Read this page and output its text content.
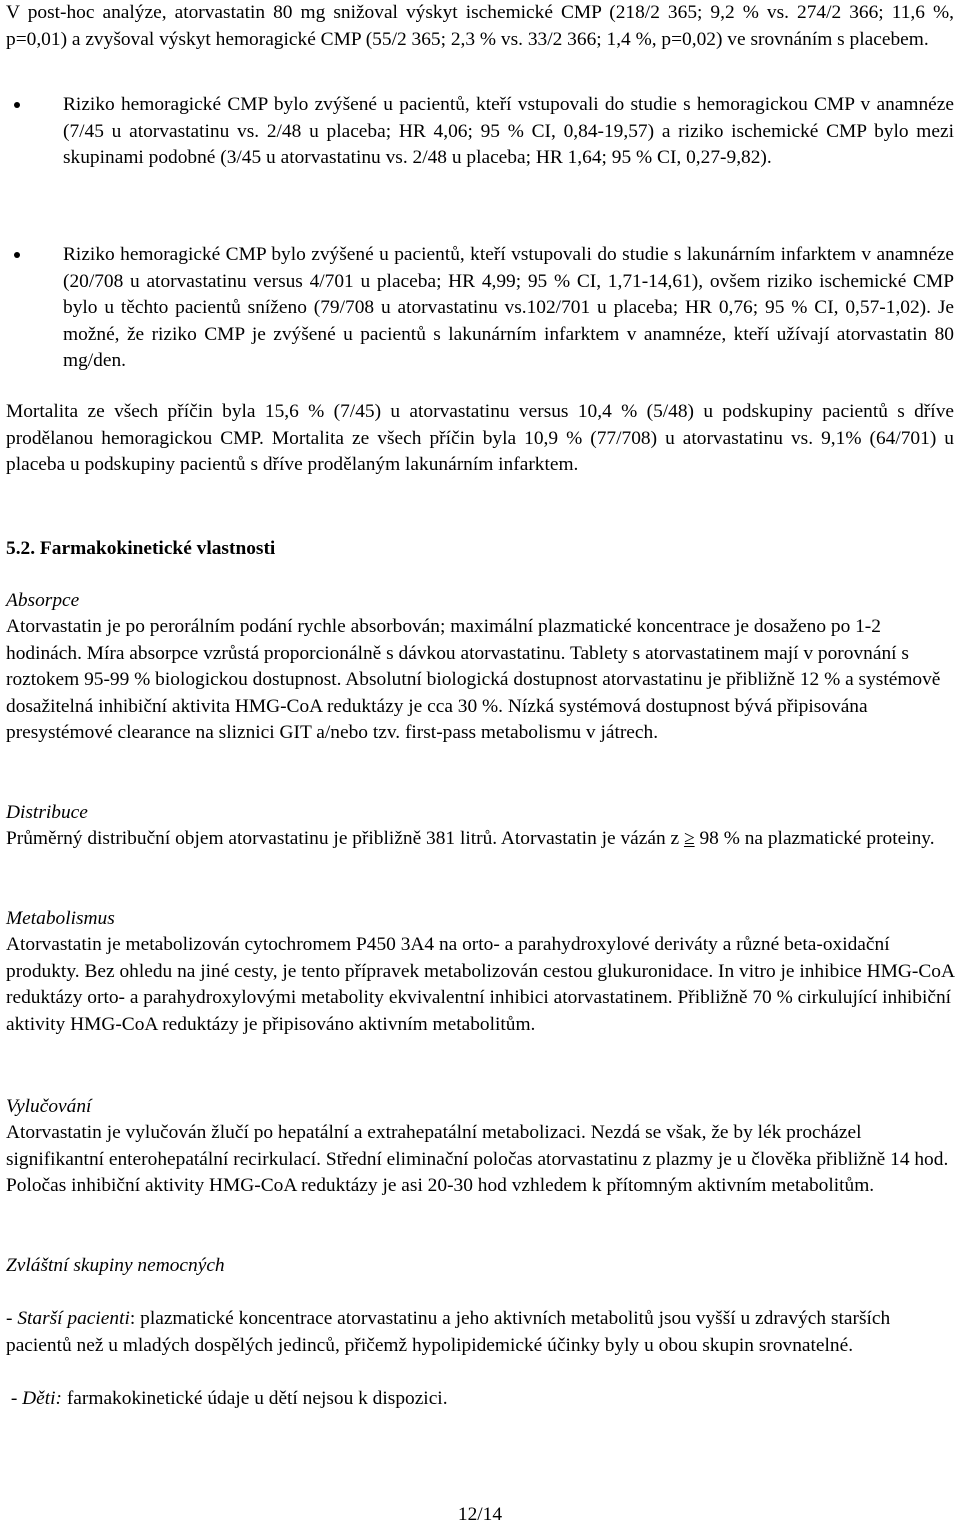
V post-hoc analýze, atorvastatin 80 mg snižoval výskyt ischemické CMP (218/2 365; 9,2 % vs. 274/2 366; 11,6 %, p=0,01) a zvyšoval výskyt hemoragické CMP (55/2 365; 2,3 % vs. 33/2 366; 1,4 %, p=0,02) ve srovnáním s placebem.

Riziko hemoragické CMP bylo zvýšené u pacientů, kteří vstupovali do studie s hemoragickou CMP v anamnéze (7/45 u atorvastatinu vs. 2/48 u placeba; HR 4,06; 95 % CI, 0,84-19,57) a riziko ischemické CMP bylo mezi skupinami podobné (3/45 u atorvastatinu vs. 2/48 u placeba; HR 1,64; 95 % CI, 0,27-9,82).

Riziko hemoragické CMP bylo zvýšené u pacientů, kteří vstupovali do studie s lakunárním infarktem v anamnéze (20/708 u atorvastatinu versus 4/701 u placeba; HR 4,99; 95 % CI, 1,71-14,61), ovšem riziko ischemické CMP bylo u těchto pacientů sníženo (79/708 u atorvastatinu vs.102/701 u placeba; HR 0,76; 95 % CI, 0,57-1,02). Je možné, že riziko CMP je zvýšené u pacientů s lakunárním infarktem v anamnéze, kteří užívají atorvastatin 80 mg/den.

Mortalita ze všech příčin byla 15,6 % (7/45) u atorvastatinu versus 10,4 % (5/48) u podskupiny pacientů s dříve prodělanou hemoragickou CMP. Mortalita ze všech příčin byla 10,9 % (77/708) u atorvastatinu vs. 9,1% (64/701) u placeba u podskupiny pacientů s dříve prodělaným lakunárním infarktem.

5.2. Farmakokinetické vlastnosti

Absorpce

Atorvastatin je po perorálním podání rychle absorbován; maximální plazmatické koncentrace je dosaženo po 1-2 hodinách. Míra absorpce vzrůstá proporcionálně s dávkou atorvastatinu. Tablety s atorvastatinem mají v porovnání s roztokem 95-99 % biologickou dostupnost. Absolutní biologická dostupnost atorvastatinu je přibližně 12 % a systémově dosažitelná inhibiční aktivita HMG-CoA reduktázy je cca 30 %. Nízká systémová dostupnost bývá připisována presystémové clearance na sliznici GIT a/nebo tzv. first-pass metabolismu v játrech.

Distribuce

Průměrný distribuční objem atorvastatinu je přibližně 381 litrů. Atorvastatin je vázán z ≥ 98 % na plazmatické proteiny.

Metabolismus

Atorvastatin je metabolizován cytochromem P450 3A4 na orto- a parahydroxylové deriváty a různé beta-oxidační produkty. Bez ohledu na jiné cesty, je tento přípravek metabolizován cestou glukuronidace. In vitro je inhibice HMG-CoA reduktázy orto- a parahydroxylovými metabolity ekvivalentní inhibici atorvastatinem. Přibližně 70 % cirkulující inhibiční aktivity HMG-CoA reduktázy je připisováno aktivním metabolitům.

Vylučování

Atorvastatin je vylučován žlučí po hepatální a extrahepatální metabolizaci. Nezdá se však, že by lék procházel signifikantní enterohepatální recirkulací. Střední eliminační poločas atorvastatinu z plazmy je u člověka přibližně 14 hod. Poločas inhibiční aktivity HMG-CoA reduktázy je asi 20-30 hod vzhledem k přítomným aktivním metabolitům.

Zvláštní skupiny nemocných

- Starší pacienti: plazmatické koncentrace atorvastatinu a jeho aktivních metabolitů jsou vyšší u zdravých starších pacientů než u mladých dospělých jedinců, přičemž hypolipidemické účinky byly u obou skupin srovnatelné.

- Děti: farmakokinetické údaje u dětí nejsou k dispozici.

12/14
